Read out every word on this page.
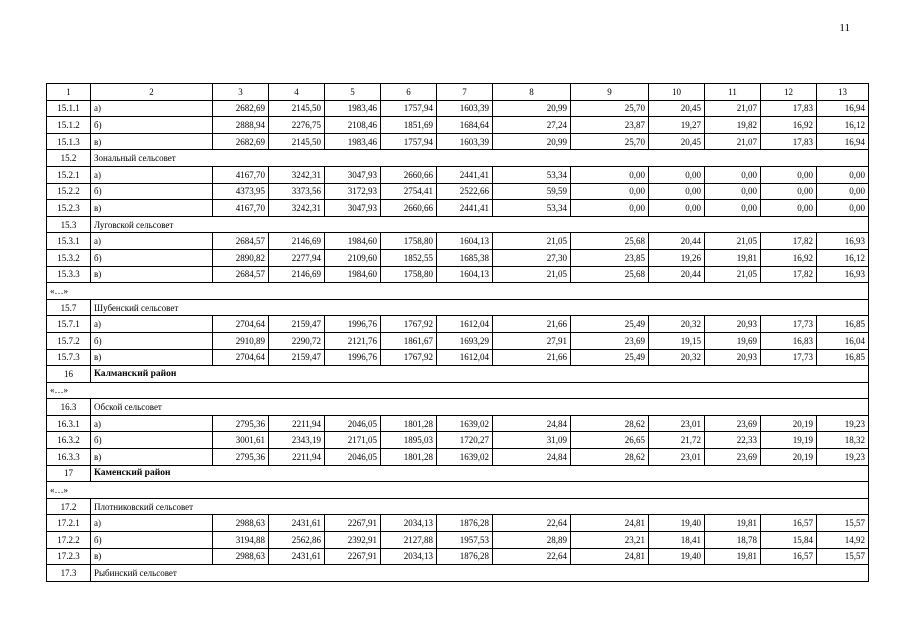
11
1	2	3	4	5	6	7	8	9	10	11	12	13
15.1.1	а)	2682,69	2145,50	1983,46	1757,94	1603,39	20,99	25,70	20,45	21,07	17,83	16,94
15.1.2	б)	2888,94	2276,75	2108,46	1851,69	1684,64	27,24	23,87	19,27	19,82	16,92	16,12
15.1.3	в)	2682,69	2145,50	1983,46	1757,94	1603,39	20,99	25,70	20,45	21,07	17,83	16,94
15.2	Зональный сельсовет											
15.2.1	а)	4167,70	3242,31	3047,93	2660,66	2441,41	53,34	0,00	0,00	0,00	0,00	0,00
15.2.2	б)	4373,95	3373,56	3172,93	2754,41	2522,66	59,59	0,00	0,00	0,00	0,00	0,00
15.2.3	в)	4167,70	3242,31	3047,93	2660,66	2441,41	53,34	0,00	0,00	0,00	0,00	0,00
15.3	Луговской сельсовет											
15.3.1	а)	2684,57	2146,69	1984,60	1758,80	1604,13	21,05	25,68	20,44	21,05	17,82	16,93
15.3.2	б)	2890,82	2277,94	2109,60	1852,55	1685,38	27,30	23,85	19,26	19,81	16,92	16,12
15.3.3	в)	2684,57	2146,69	1984,60	1758,80	1604,13	21,05	25,68	20,44	21,05	17,82	16,93
«…»												
15.7	Шубенский сельсовет											
15.7.1	а)	2704,64	2159,47	1996,76	1767,92	1612,04	21,66	25,49	20,32	20,93	17,73	16,85
15.7.2	б)	2910,89	2290,72	2121,76	1861,67	1693,29	27,91	23,69	19,15	19,69	16,83	16,04
15.7.3	в)	2704,64	2159,47	1996,76	1767,92	1612,04	21,66	25,49	20,32	20,93	17,73	16,85
16	Калманский район											
«…»												
16.3	Обской сельсовет											
16.3.1	а)	2795,36	2211,94	2046,05	1801,28	1639,02	24,84	28,62	23,01	23,69	20,19	19,23
16.3.2	б)	3001,61	2343,19	2171,05	1895,03	1720,27	31,09	26,65	21,72	22,33	19,19	18,32
16.3.3	в)	2795,36	2211,94	2046,05	1801,28	1639,02	24,84	28,62	23,01	23,69	20,19	19,23
17	Каменский район											
«…»												
17.2	Плотниковский сельсовет											
17.2.1	а)	2988,63	2431,61	2267,91	2034,13	1876,28	22,64	24,81	19,40	19,81	16,57	15,57
17.2.2	б)	3194,88	2562,86	2392,91	2127,88	1957,53	28,89	23,21	18,41	18,78	15,84	14,92
17.2.3	в)	2988,63	2431,61	2267,91	2034,13	1876,28	22,64	24,81	19,40	19,81	16,57	15,57
17.3	Рыбинский сельсовет											
